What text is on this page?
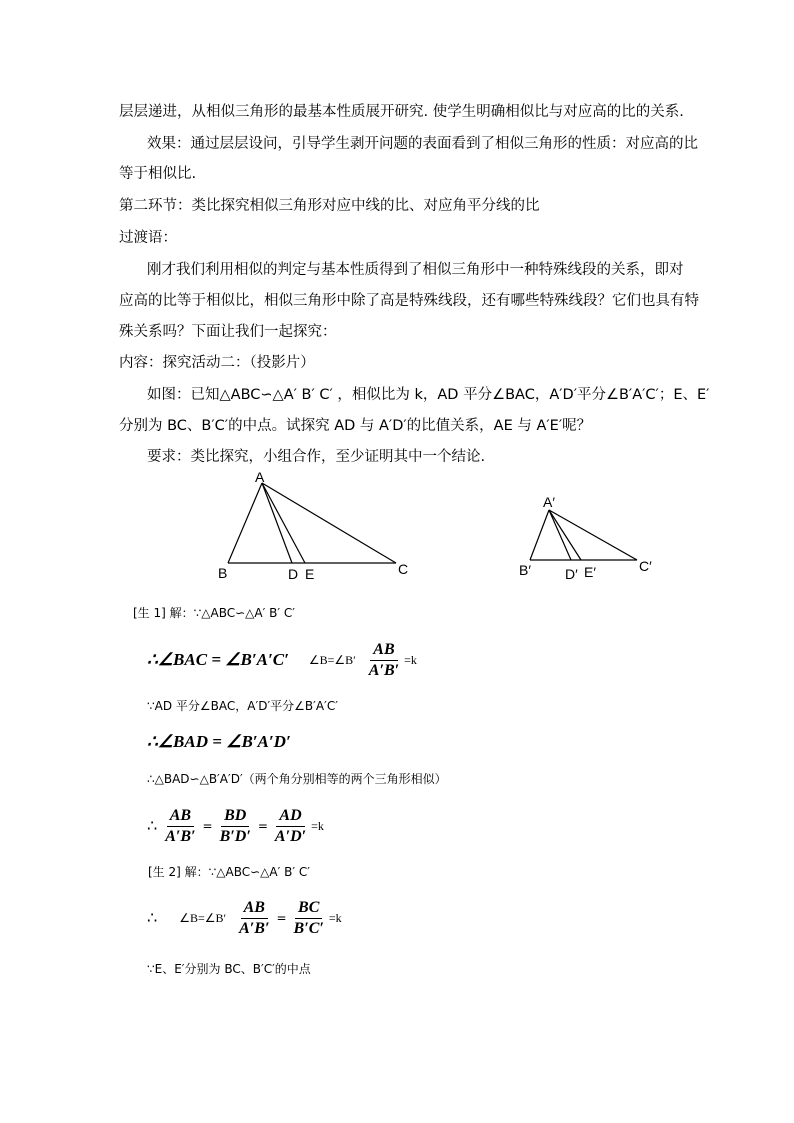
层层递进，从相似三角形的最基本性质展开研究. 使学生明确相似比与对应高的比的关系.
效果：通过层层设问，引导学生剥开问题的表面看到了相似三角形的性质：对应高的比
等于相似比.
第二环节：类比探究相似三角形对应中线的比、对应角平分线的比
过渡语：
刚才我们利用相似的判定与基本性质得到了相似三角形中一种特殊线段的关系，即对
应高的比等于相似比，相似三角形中除了高是特殊线段，还有哪些特殊线段？它们也具有特
殊关系吗？下面让我们一起探究：
内容：探究活动二：（投影片）
如图：已知△ABC∽△A′ B′ C′ ，相似比为 k，AD 平分∠BAC，A′D′平分∠B′A′C′；E、E′
分别为 BC、B′C′的中点。试探究 AD 与 A′D′的比值关系，AE 与 A′E′呢？
要求：类比探究，小组合作，至少证明其中一个结论.
A
B	C
D E
A′
B′	C′
D′ E′
[生 1] 解：∵△ABC∽△A′ B′ C′
∴∠BAC = ∠B′A′C′ ∠B=∠B′ $\frac{AB}{A'B'} =k$
∵AD 平分∠BAC，A′D′平分∠B′A′C′
∴∠BAD = ∠B′A′D′
∴△BAD∽△B′A′D′（两个角分别相等的两个三角形相似）
∴ $\frac{AB}{A'B'} = \frac{BD}{B'D'} = \frac{AD}{A'D'} =k$
[生 2] 解：∵△ABC∽△A′ B′ C′
∴ ∠B=∠B′ $\frac{AB}{A'B'} = \frac{BC}{B'C'} =k$
∵E、E′分别为 BC、B′C′的中点
